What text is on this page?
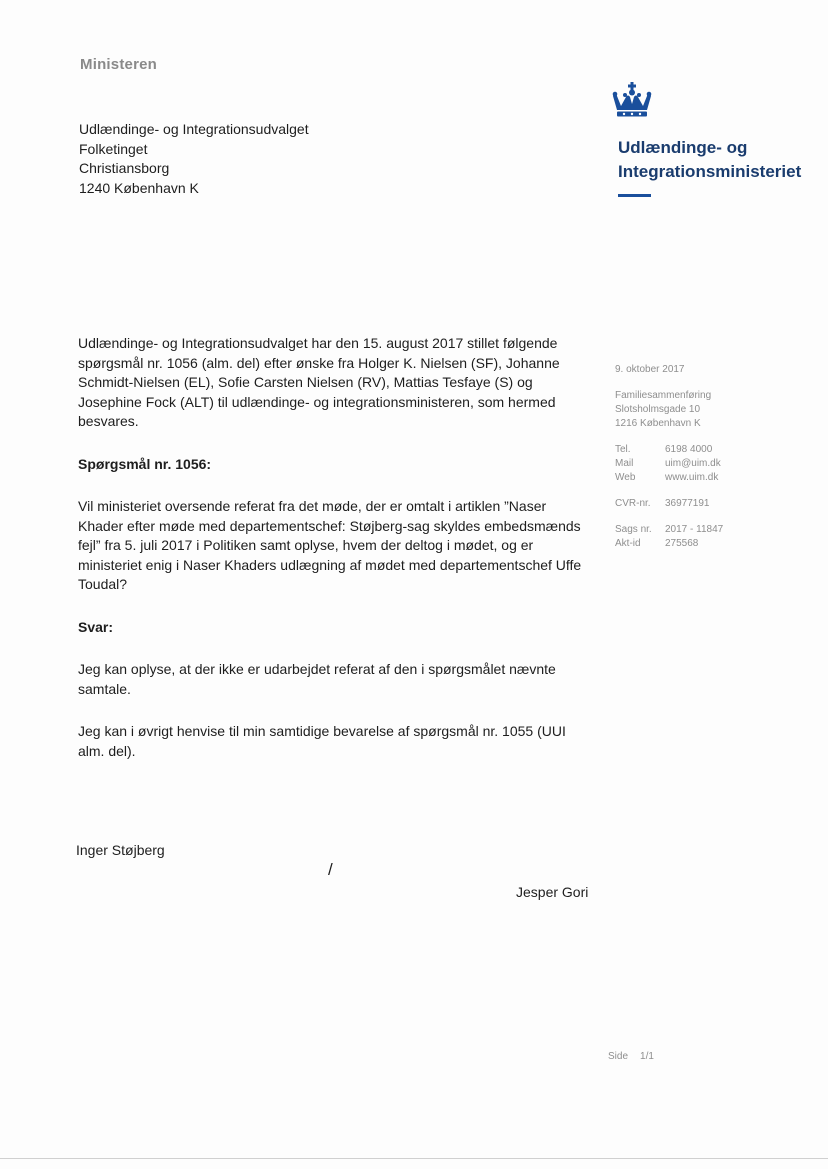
Ministeren
Udlændinge- og Integrationsudvalget
Folketinget
Christiansborg
1240 København K
Udlændinge- og
Integrationsministeriet

Udlændinge- og Integrationsudvalget har den 15. august 2017 stillet følgende spørgsmål nr. 1056 (alm. del) efter ønske fra Holger K. Nielsen (SF), Johanne Schmidt-Nielsen (EL), Sofie Carsten Nielsen (RV), Mattias Tesfaye (S) og Josephine Fock (ALT) til udlændinge- og integrationsministeren, som hermed besvares.

Spørgsmål nr. 1056:

Vil ministeriet oversende referat fra det møde, der er omtalt i artiklen ”Naser Khader efter møde med departementschef: Støjberg-sag skyldes embedsmænds fejl” fra 5. juli 2017 i Politiken samt oplyse, hvem der deltog i mødet, og er ministeriet enig i Naser Khaders udlægning af mødet med departementschef Uffe Toudal?

Svar:

Jeg kan oplyse, at der ikke er udarbejdet referat af den i spørgsmålet nævnte samtale.

Jeg kan i øvrigt henvise til min samtidige bevarelse af spørgsmål nr. 1055 (UUI alm. del).

9. oktober 2017
Familiesammenføring
Slotsholmsgade 10
1216 København K
Tel.	6198 4000
Mail	uim@uim.dk
Web	www.uim.dk
CVR-nr.	36977191
Sags nr.	2017 - 11847
Akt-id	275568
Inger Støjberg
/
Jesper Gori
Side 1/1
